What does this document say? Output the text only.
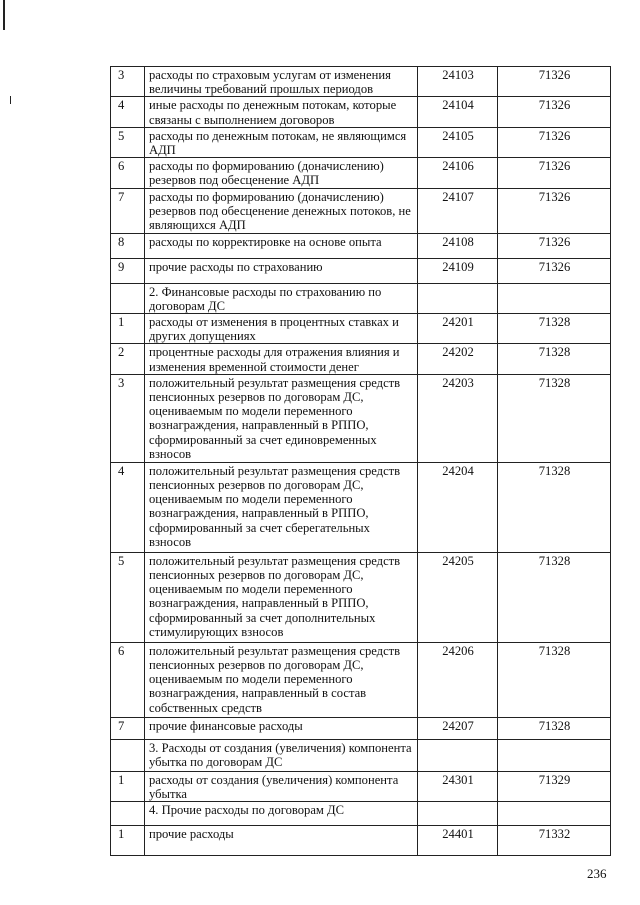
3	расходы по страховым услугам от изменения величины требований прошлых периодов	24103	71326
4	иные расходы по денежным потокам, которые связаны с выполнением договоров	24104	71326
5	расходы по денежным потокам, не являющимся АДП	24105	71326
6	расходы по формированию (доначислению) резервов под обесценение АДП	24106	71326
7	расходы по формированию (доначислению) резервов под обесценение денежных потоков, не являющихся АДП	24107	71326
8	расходы по корректировке на основе опыта	24108	71326
9	прочие расходы по страхованию	24109	71326
	2. Финансовые расходы по страхованию по договорам ДС		
1	расходы от изменения в процентных ставках и других допущениях	24201	71328
2	процентные расходы для отражения влияния и изменения временной стоимости денег	24202	71328
3	положительный результат размещения средств пенсионных резервов по договорам ДС, оцениваемым по модели переменного вознаграждения, направленный в РППО, сформированный за счет единовременных взносов	24203	71328
4	положительный результат размещения средств пенсионных резервов по договорам ДС, оцениваемым по модели переменного вознаграждения, направленный в РППО, сформированный за счет сберегательных взносов	24204	71328
5	положительный результат размещения средств пенсионных резервов по договорам ДС, оцениваемым по модели переменного вознаграждения, направленный в РППО, сформированный за счет дополнительных стимулирующих взносов	24205	71328
6	положительный результат размещения средств пенсионных резервов по договорам ДС, оцениваемым по модели переменного вознаграждения, направленный в состав собственных средств	24206	71328
7	прочие финансовые расходы	24207	71328
	3. Расходы от создания (увеличения) компонента убытка по договорам ДС		
1	расходы от создания (увеличения) компонента убытка	24301	71329
	4. Прочие расходы по договорам ДС		
1	прочие расходы	24401	71332
236
